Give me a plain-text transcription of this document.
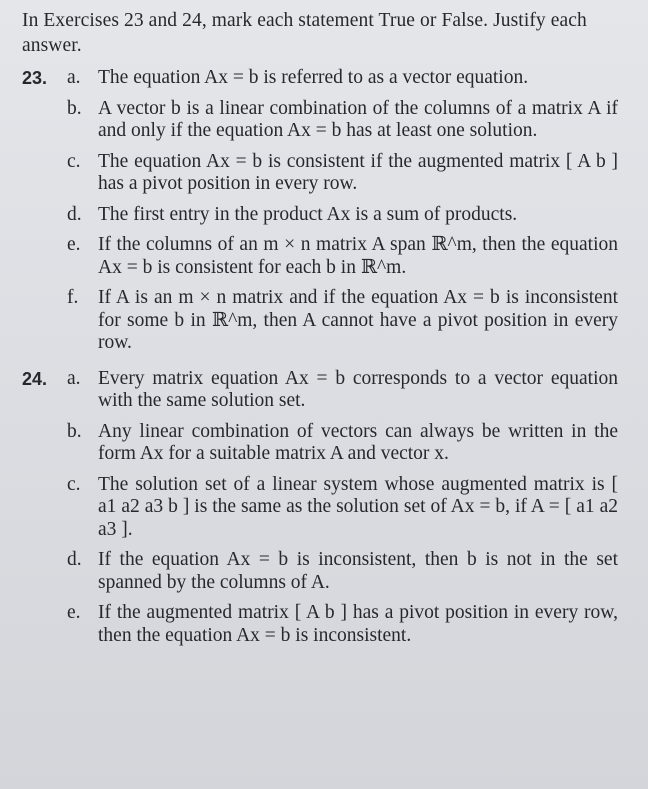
In Exercises 23 and 24, mark each statement True or False. Justify each answer.
23. a. The equation Ax = b is referred to as a vector equation.
b. A vector b is a linear combination of the columns of a matrix A if and only if the equation Ax = b has at least one solution.
c. The equation Ax = b is consistent if the augmented matrix [ A b ] has a pivot position in every row.
d. The first entry in the product Ax is a sum of products.
e. If the columns of an m × n matrix A span ℝ^m, then the equation Ax = b is consistent for each b in ℝ^m.
f. If A is an m × n matrix and if the equation Ax = b is inconsistent for some b in ℝ^m, then A cannot have a pivot position in every row.
24. a. Every matrix equation Ax = b corresponds to a vector equation with the same solution set.
b. Any linear combination of vectors can always be written in the form Ax for a suitable matrix A and vector x.
c. The solution set of a linear system whose augmented matrix is [ a1 a2 a3 b ] is the same as the solution set of Ax = b, if A = [ a1 a2 a3 ].
d. If the equation Ax = b is inconsistent, then b is not in the set spanned by the columns of A.
e. If the augmented matrix [ A b ] has a pivot position in every row, then the equation Ax = b is inconsistent.
